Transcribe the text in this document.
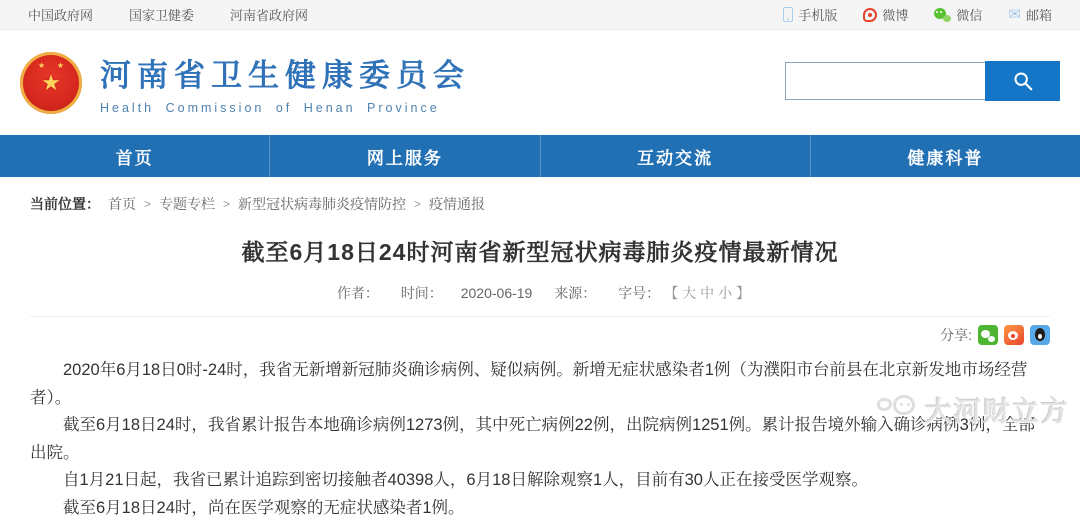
中国政府网	国家卫健委	河南省政府网	手机版	微博	微信 ✉ 邮箱
★
★ ★ 河南省卫生健康委员会
Health Commission of Henan Province
首页	网上服务	互动交流	健康科普
当前位置： 首页 > 专题专栏 > 新型冠状病毒肺炎疫情防控 > 疫情通报
截至6月18日24时河南省新型冠状病毒肺炎疫情最新情况
作者： 时间： 2020-06-19 来源： 字号： 【 大 中 小 】
分享:

2020年6月18日0时-24时，我省无新增新冠肺炎确诊病例、疑似病例。新增无症状感染者1例（为濮阳市台前县在北京新发地市场经营者）。

截至6月18日24时，我省累计报告本地确诊病例1273例，其中死亡病例22例，出院病例1251例。累计报告境外输入确诊病例3例，全部出院。

自1月21日起，我省已累计追踪到密切接触者40398人，6月18日解除观察1人，目前有30人正在接受医学观察。

截至6月18日24时，尚在医学观察的无症状感染者1例。

大河财立方
